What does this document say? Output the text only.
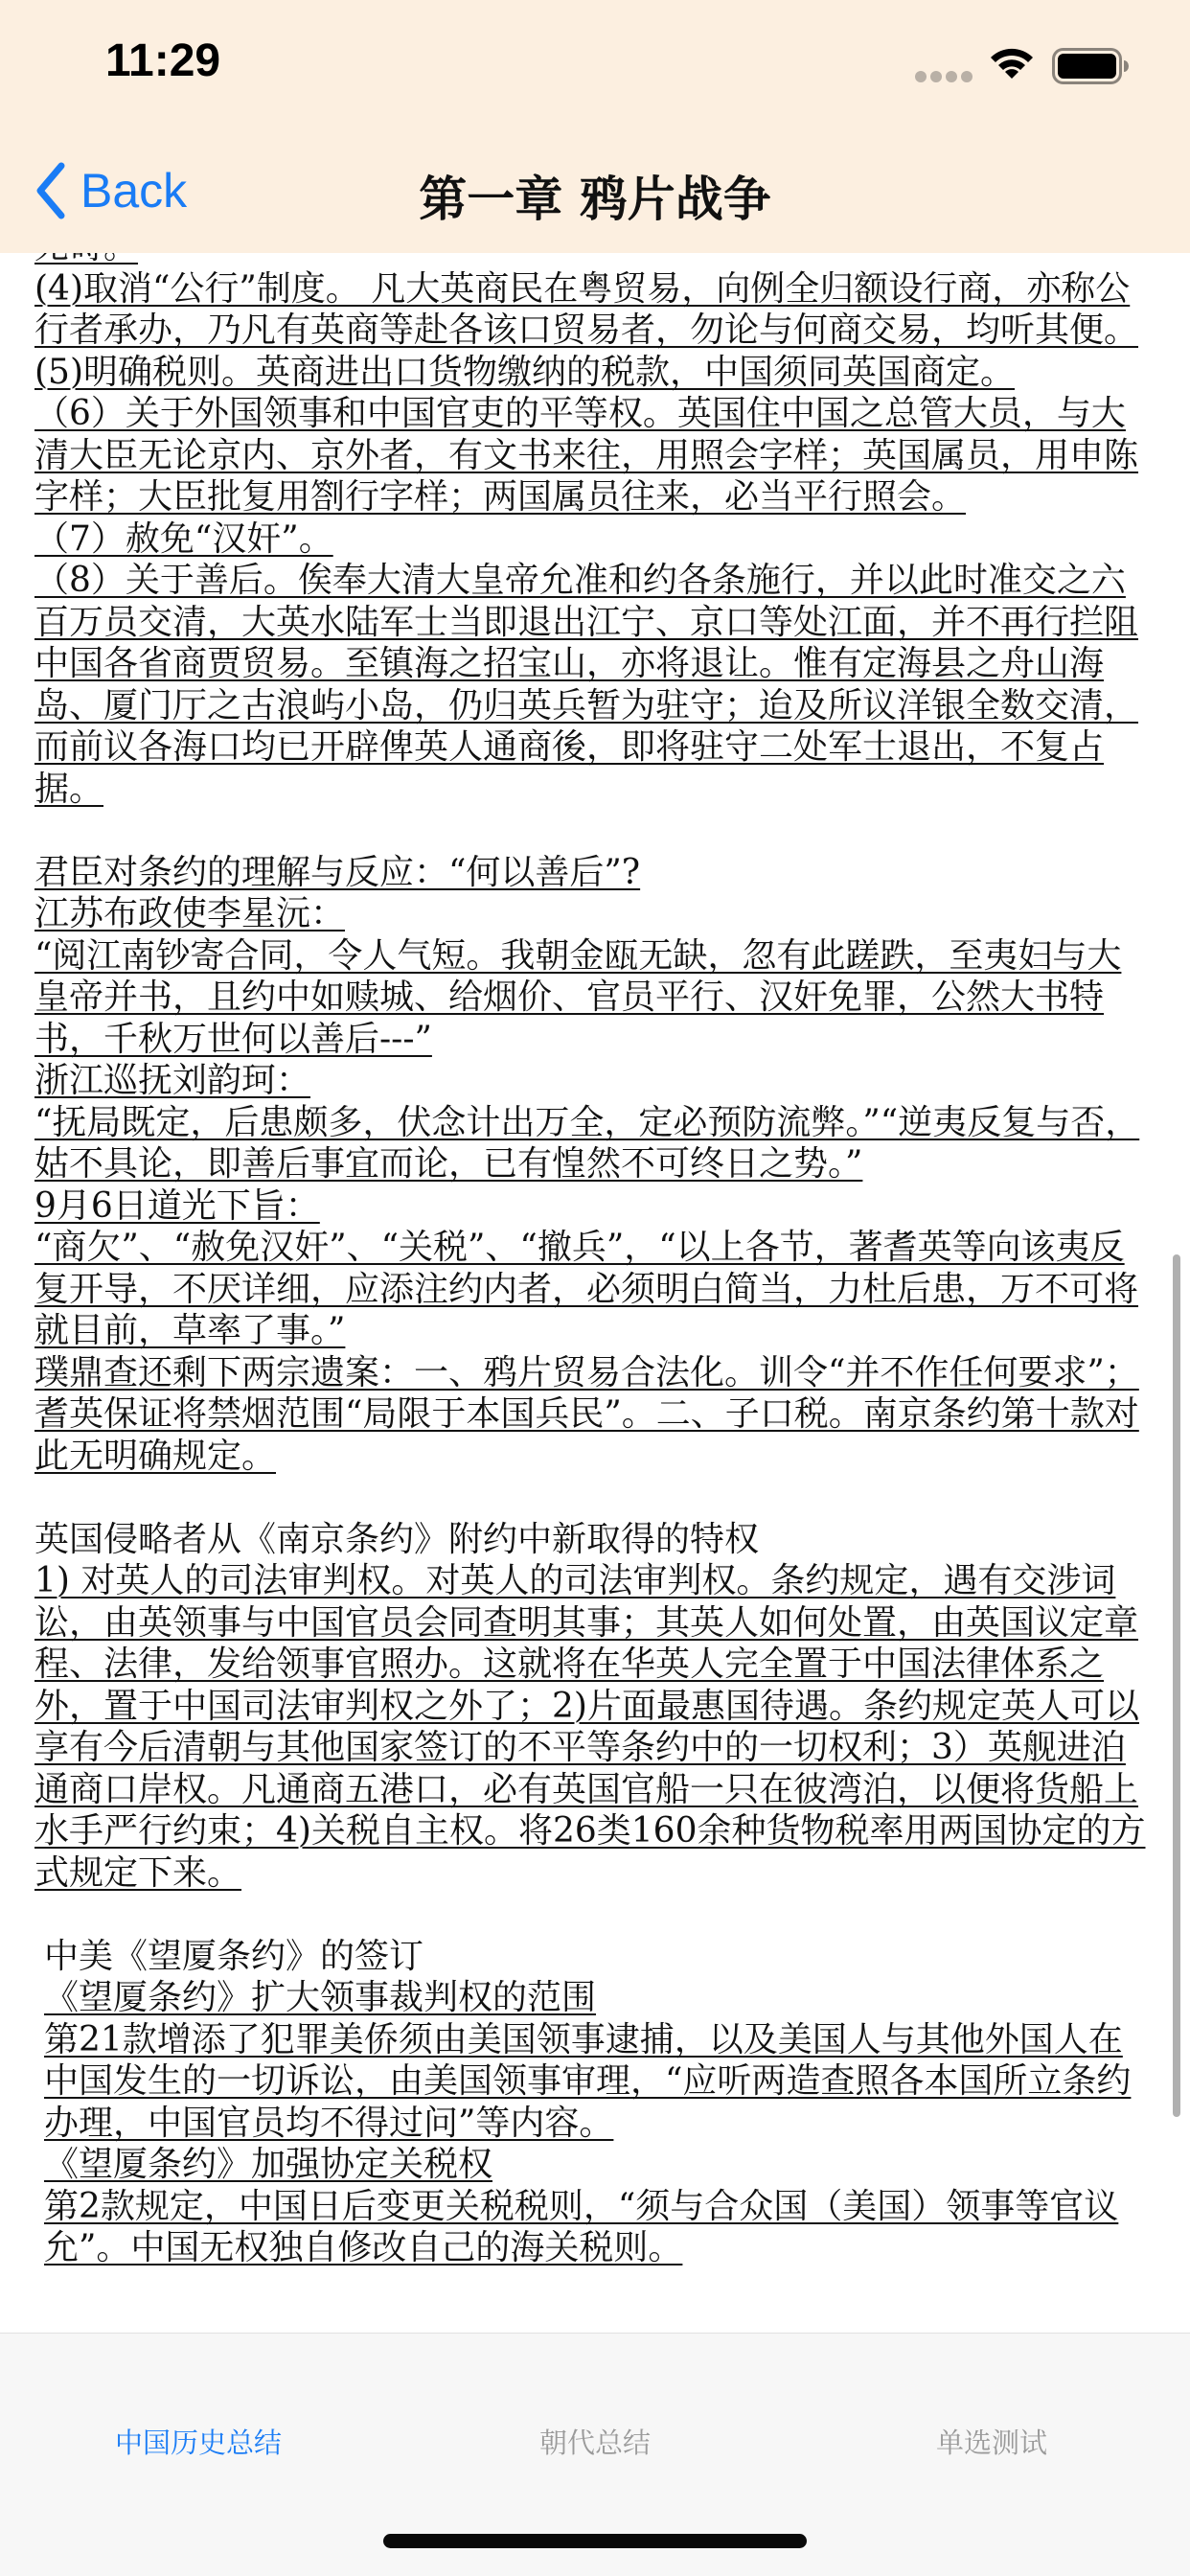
11:29
Back	第一章 鸦片战争

(4)取消“公行”制度。 凡大英商民在粤贸易，向例全归额设行商，亦称公行者承办，乃凡有英商等赴各该口贸易者，勿论与何商交易，均听其便。

(5)明确税则。英商进出口货物缴纳的税款，中国须同英国商定。

（6）关于外国领事和中国官吏的平等权。英国住中国之总管大员，与大清大臣无论京内、京外者，有文书来往，用照会字样；英国属员，用申陈字样；大臣批复用劄行字样；两国属员往来，必当平行照会。

（7）赦免“汉奸”。

（8）关于善后。俟奉大清大皇帝允准和约各条施行，并以此时准交之六百万员交清，大英水陆军士当即退出江宁、京口等处江面，并不再行拦阻中国各省商贾贸易。至镇海之招宝山，亦将退让。惟有定海县之舟山海岛、厦门厅之古浪屿小岛，仍归英兵暂为驻守；迨及所议洋银全数交清，而前议各海口均已开辟俾英人通商後，即将驻守二处军士退出，不复占据。

君臣对条约的理解与反应：“何以善后”?

江苏布政使李星沅：

“阅江南钞寄合同，令人气短。我朝金瓯无缺，忽有此蹉跌，至夷妇与大皇帝并书，且约中如赎城、给烟价、官员平行、汉奸免罪，公然大书特书，千秋万世何以善后---”

浙江巡抚刘韵珂：

“抚局既定，后患颇多，伏念计出万全，定必预防流弊。”“逆夷反复与否，姑不具论，即善后事宜而论，已有惶然不可终日之势。”

9月6日道光下旨：

“商欠”、“赦免汉奸”、“关税”、“撤兵”，“以上各节，著耆英等向该夷反复开导，不厌详细，应添注约内者，必须明白简当，力杜后患，万不可将就目前，草率了事。”

璞鼎查还剩下两宗遗案：一、鸦片贸易合法化。训令“并不作任何要求”；耆英保证将禁烟范围“局限于本国兵民”。二、子口税。南京条约第十款对此无明确规定。

英国侵略者从《南京条约》附约中新取得的特权

1) 对英人的司法审判权。对英人的司法审判权。条约规定，遇有交涉词讼，由英领事与中国官员会同查明其事；其英人如何处置，由英国议定章程、法律，发给领事官照办。这就将在华英人完全置于中国法律体系之外，置于中国司法审判权之外了；2)片面最惠国待遇。条约规定英人可以享有今后清朝与其他国家签订的不平等条约中的一切权利；3）英舰进泊通商口岸权。凡通商五港口，必有英国官船一只在彼湾泊，以便将货船上水手严行约束；4)关税自主权。将26类160余种货物税率用两国协定的方式规定下来。

中美《望厦条约》的签订

《望厦条约》扩大领事裁判权的范围

第21款增添了犯罪美侨须由美国领事逮捕，以及美国人与其他外国人在中国发生的一切诉讼，由美国领事审理，“应听两造查照各本国所立条约办理，中国官员均不得过问”等内容。

《望厦条约》加强协定关税权

第2款规定，中国日后变更关税税则，“须与合众国（美国）领事等官议允”。中国无权独自修改自己的海关税则。

中国历史总结	朝代总结	单选测试
